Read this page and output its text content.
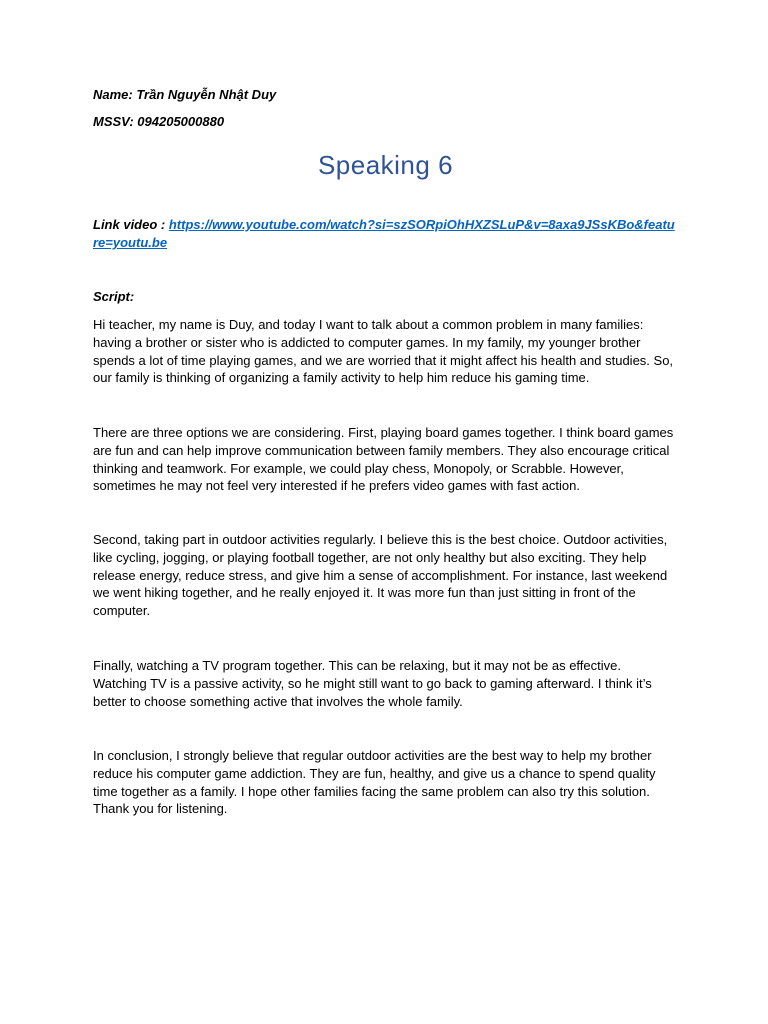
Name: Trần Nguyễn Nhật Duy
MSSV: 094205000880
Speaking 6
Link video : https://www.youtube.com/watch?si=szSORpiOhHXZSLuP&v=8axa9JSsKBo&feature=youtu.be
Script:

Hi teacher, my name is Duy, and today I want to talk about a common problem in many families: having a brother or sister who is addicted to computer games. In my family, my younger brother spends a lot of time playing games, and we are worried that it might affect his health and studies. So, our family is thinking of organizing a family activity to help him reduce his gaming time.

There are three options we are considering. First, playing board games together. I think board games are fun and can help improve communication between family members. They also encourage critical thinking and teamwork. For example, we could play chess, Monopoly, or Scrabble. However, sometimes he may not feel very interested if he prefers video games with fast action.

Second, taking part in outdoor activities regularly. I believe this is the best choice. Outdoor activities, like cycling, jogging, or playing football together, are not only healthy but also exciting. They help release energy, reduce stress, and give him a sense of accomplishment. For instance, last weekend we went hiking together, and he really enjoyed it. It was more fun than just sitting in front of the computer.

Finally, watching a TV program together. This can be relaxing, but it may not be as effective. Watching TV is a passive activity, so he might still want to go back to gaming afterward. I think it’s better to choose something active that involves the whole family.

In conclusion, I strongly believe that regular outdoor activities are the best way to help my brother reduce his computer game addiction. They are fun, healthy, and give us a chance to spend quality time together as a family. I hope other families facing the same problem can also try this solution. Thank you for listening.
